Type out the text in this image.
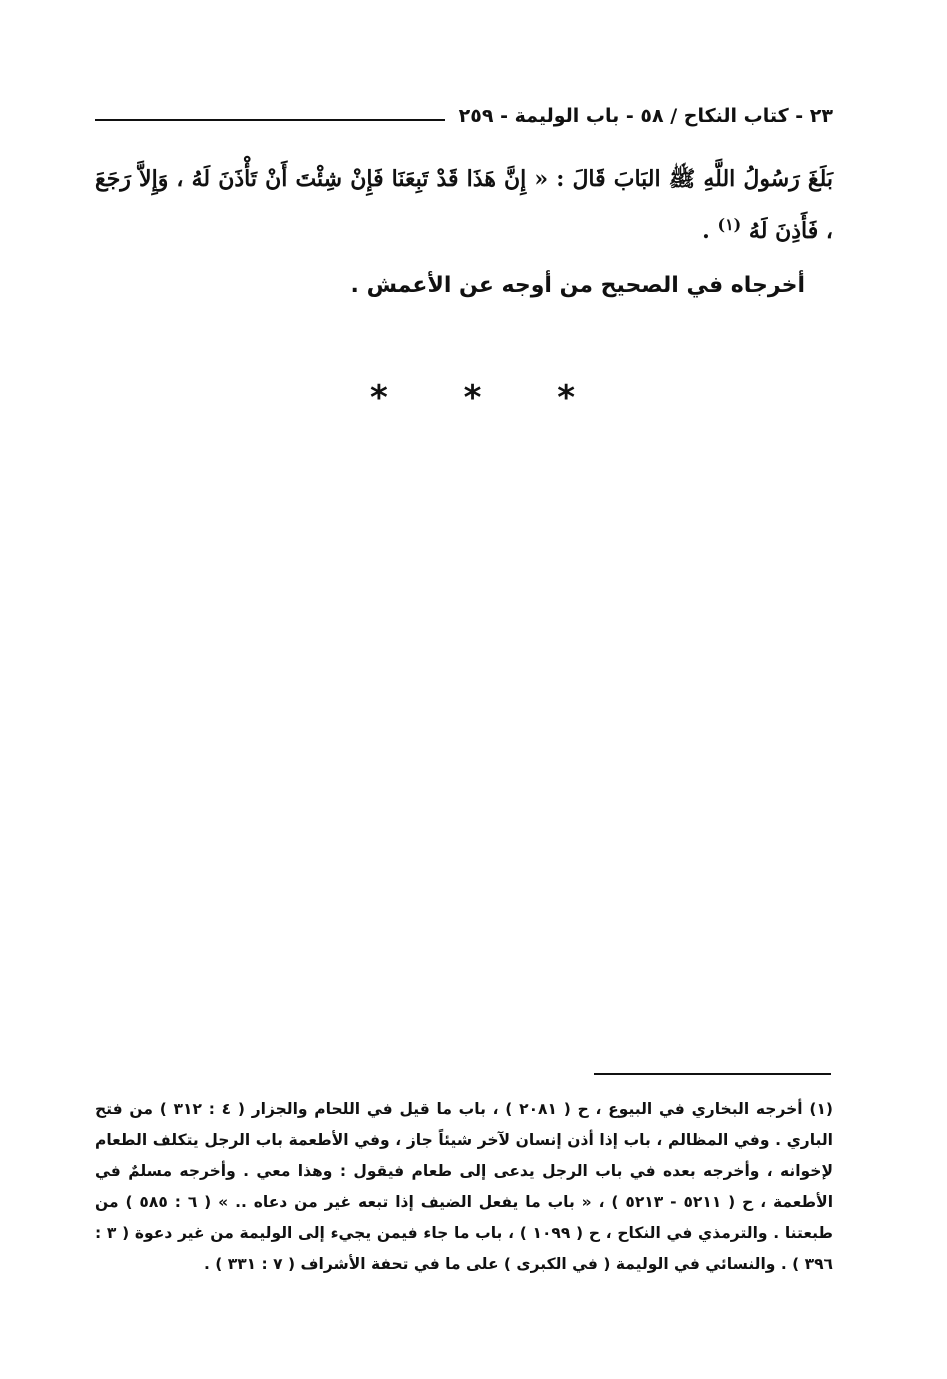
٢٣ - كتاب النكاح / ٥٨ - باب الوليمة - ٢٥٩

بَلَغَ رَسُولُ اللَّهِ ﷺ البَابَ قَالَ : « إِنَّ هَذَا قَدْ تَبِعَنَا فَإِنْ شِئْتَ أَنْ تَأْذَنَ لَهُ ، وَإِلاَّ رَجَعَ ، فَأَذِنَ لَهُ $^{(١)}$ .

أخرجاه في الصحيح من أوجه عن الأعمش .
* * *

(١) أخرجه البخاري في البيوع ، ح ( ٢٠٨١ ) ، باب ما قيل في اللحام والجزار ( ٤ : ٣١٢ ) من فتح الباري . وفي المظالم ، باب إذا أذن إنسان لآخر شيئاً جاز ، وفي الأطعمة باب الرجل يتكلف الطعام لإخوانه ، وأخرجه بعده في باب الرجل يدعى إلى طعام فيقول : وهذا معي . وأخرجه مسلمٌ في الأطعمة ، ح ( ٥٢١١ - ٥٢١٣ ) ، « باب ما يفعل الضيف إذا تبعه غير من دعاه .. » ( ٦ : ٥٨٥ ) من طبعتنا . والترمذي في النكاح ، ح ( ١٠٩٩ ) ، باب ما جاء فيمن يجيء إلى الوليمة من غير دعوة ( ٣ : ٣٩٦ ) . والنسائي في الوليمة ( في الكبرى ) على ما في تحفة الأشراف ( ٧ : ٣٣١ ) .
